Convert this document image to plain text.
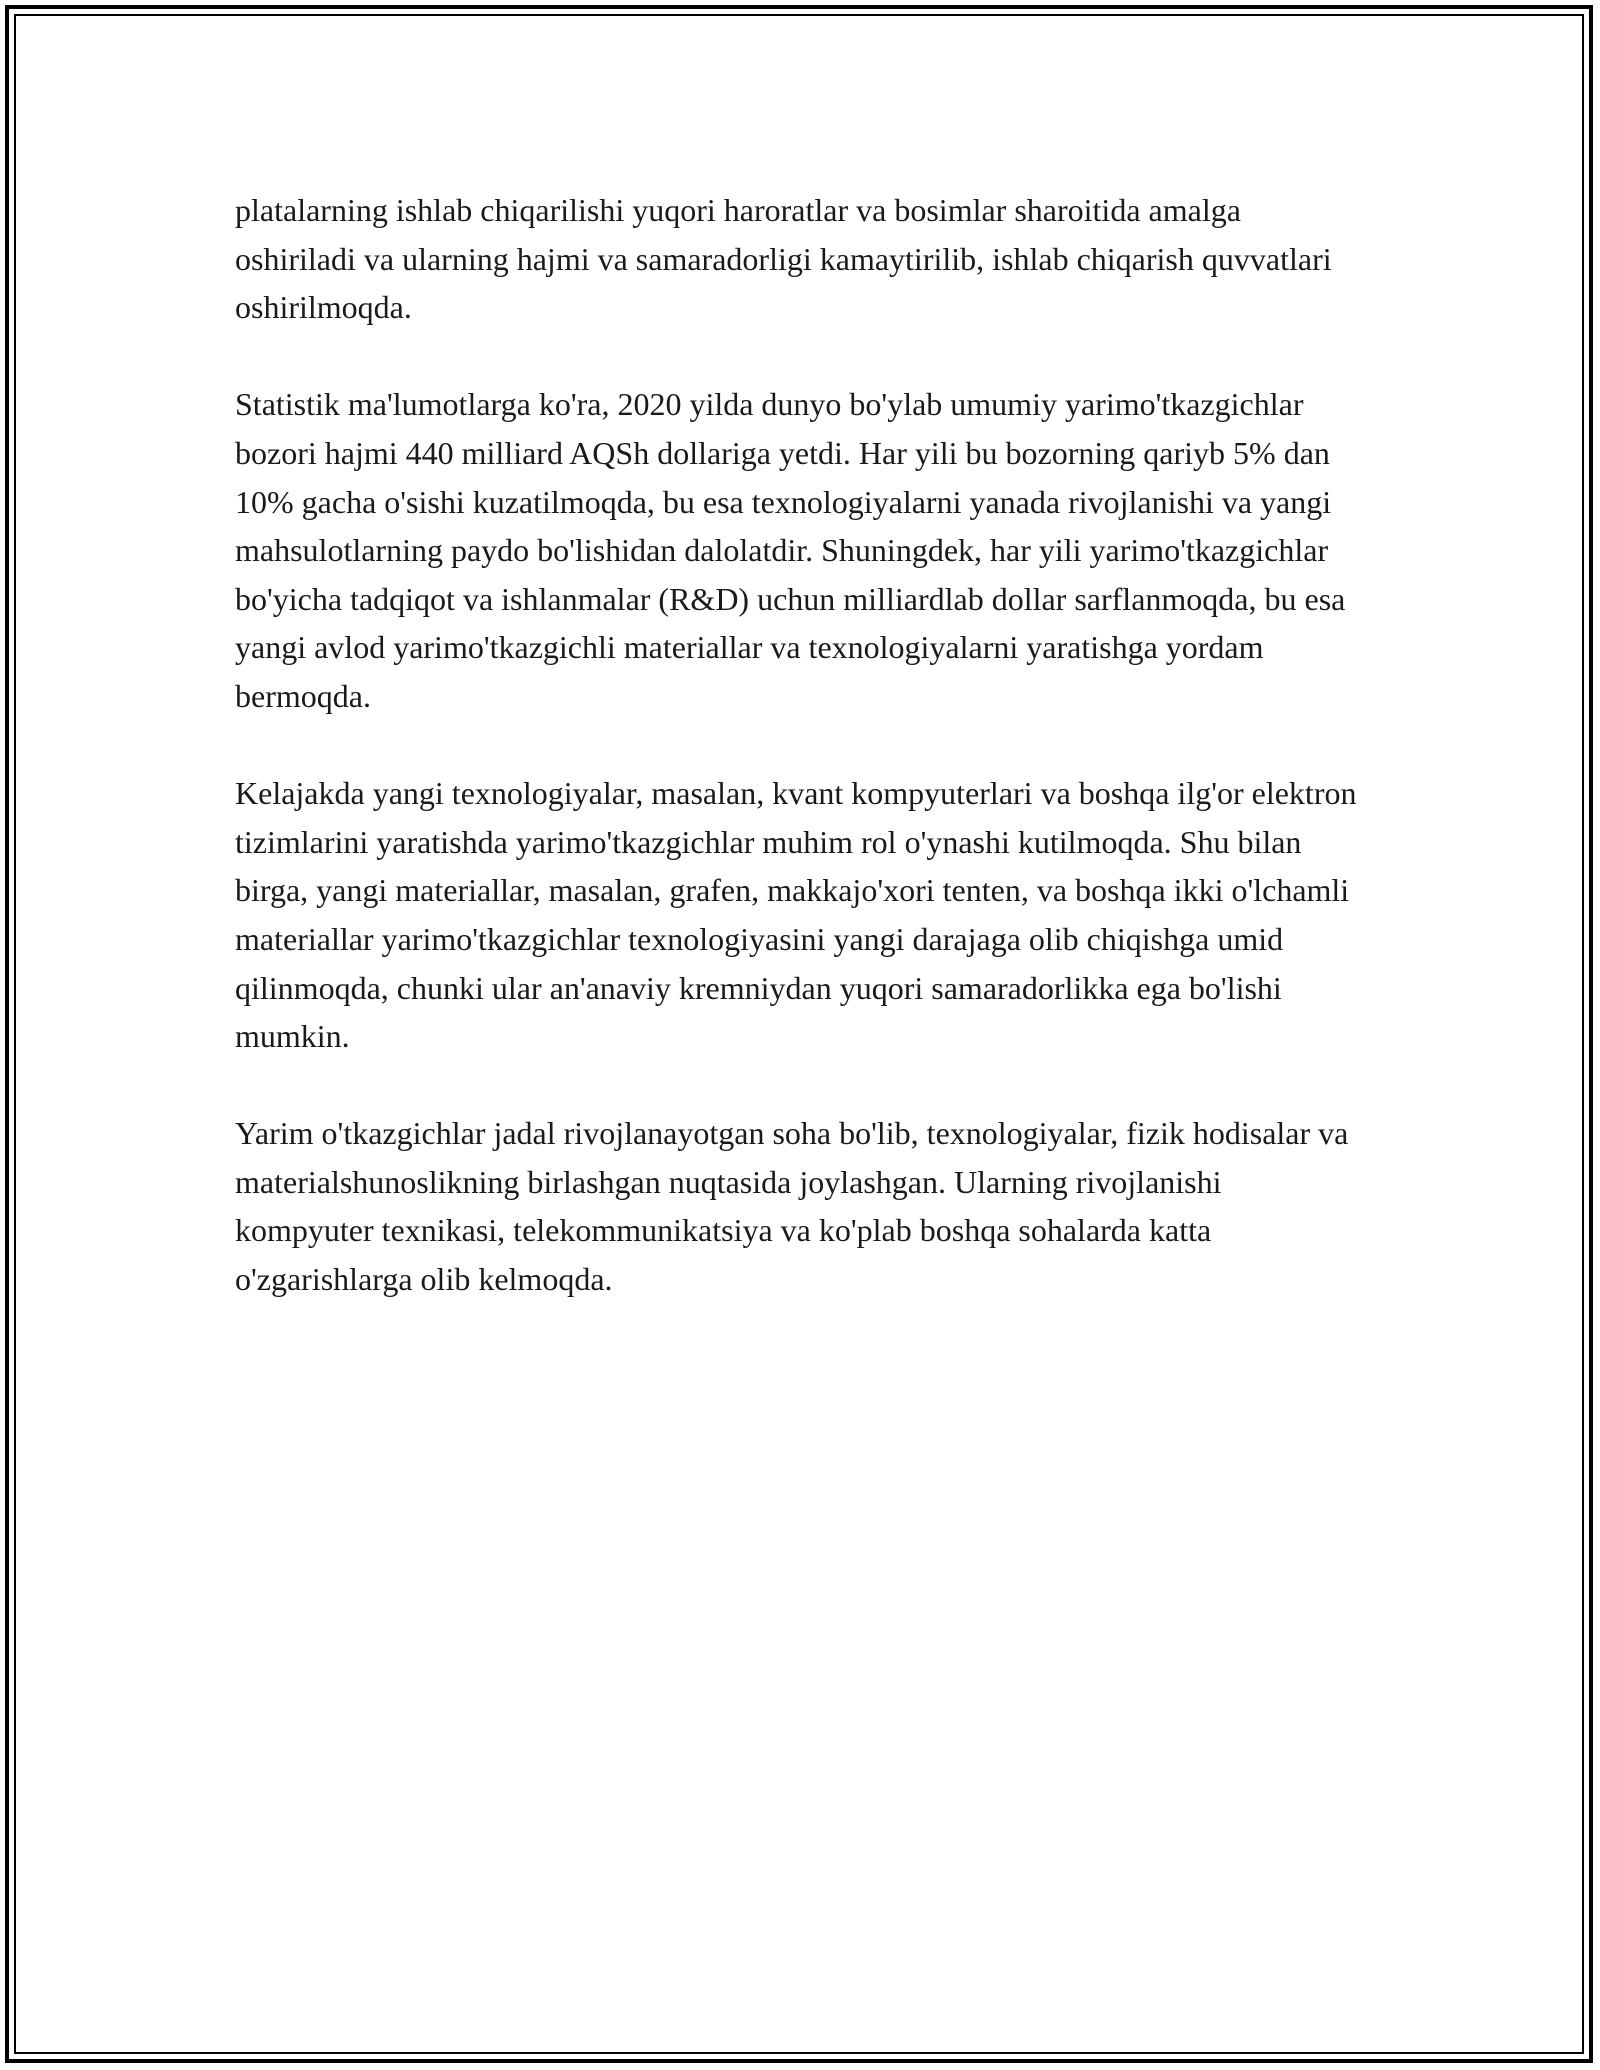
platalarning ishlab chiqarilishi yuqori haroratlar va bosimlar sharoitida amalga oshiriladi va ularning hajmi va samaradorligi kamaytirilib, ishlab chiqarish quvvatlari oshirilmoqda.

Statistik ma'lumotlarga ko'ra, 2020 yilda dunyo bo'ylab umumiy yarimo'tkazgichlar bozori hajmi 440 milliard AQSh dollariga yetdi. Har yili bu bozorning qariyb 5% dan 10% gacha o'sishi kuzatilmoqda, bu esa texnologiyalarni yanada rivojlanishi va yangi mahsulotlarning paydo bo'lishidan dalolatdir. Shuningdek, har yili yarimo'tkazgichlar bo'yicha tadqiqot va ishlanmalar (R&D) uchun milliardlab dollar sarflanmoqda, bu esa yangi avlod yarimo'tkazgichli materiallar va texnologiyalarni yaratishga yordam bermoqda.

Kelajakda yangi texnologiyalar, masalan, kvant kompyuterlari va boshqa ilg'or elektron tizimlarini yaratishda yarimo'tkazgichlar muhim rol o'ynashi kutilmoqda. Shu bilan birga, yangi materiallar, masalan, grafen, makkajo'xori tenten, va boshqa ikki o'lchamli materiallar yarimo'tkazgichlar texnologiyasini yangi darajaga olib chiqishga umid qilinmoqda, chunki ular an'anaviy kremniydan yuqori samaradorlikka ega bo'lishi mumkin.

Yarim o'tkazgichlar jadal rivojlanayotgan soha bo'lib, texnologiyalar, fizik hodisalar va materialshunoslikning birlashgan nuqtasida joylashgan. Ularning rivojlanishi kompyuter texnikasi, telekommunikatsiya va ko'plab boshqa sohalarda katta o'zgarishlarga olib kelmoqda.
